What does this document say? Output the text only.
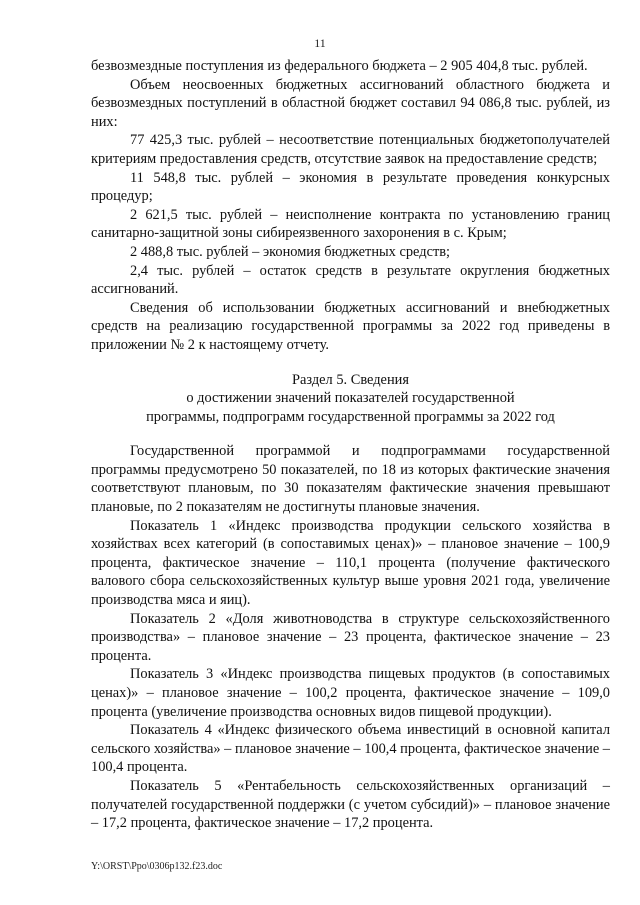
11

безвозмездные поступления из федерального бюджета – 2 905 404,8 тыс. рублей.

Объем неосвоенных бюджетных ассигнований областного бюджета и безвозмездных поступлений в областной бюджет составил 94 086,8 тыс. рублей, из них:

77 425,3 тыс. рублей – несоответствие потенциальных бюджетополучателей критериям предоставления средств, отсутствие заявок на предоставление средств;

11 548,8 тыс. рублей – экономия в результате проведения конкурсных процедур;

2 621,5 тыс. рублей – неисполнение контракта по установлению границ санитарно-защитной зоны сибиреязвенного захоронения в с. Крым;

2 488,8 тыс. рублей – экономия бюджетных средств;

2,4 тыс. рублей – остаток средств в результате округления бюджетных ассигнований.

Сведения об использовании бюджетных ассигнований и внебюджетных средств на реализацию государственной программы за 2022 год приведены в приложении № 2 к настоящему отчету.

Раздел 5. Сведения
о достижении значений показателей государственной
программы, подпрограмм государственной программы за 2022 год

Государственной программой и подпрограммами государственной программы предусмотрено 50 показателей, по 18 из которых фактические значения соответствуют плановым, по 30 показателям фактические значения превышают плановые, по 2 показателям не достигнуты плановые значения.

Показатель 1 «Индекс производства продукции сельского хозяйства в хозяйствах всех категорий (в сопоставимых ценах)» – плановое значение – 100,9 процента, фактическое значение – 110,1 процента (получение фактического валового сбора сельскохозяйственных культур выше уровня 2021 года, увеличение производства мяса и яиц).

Показатель 2 «Доля животноводства в структуре сельскохозяйственного производства» – плановое значение – 23 процента, фактическое значение – 23 процента.

Показатель 3 «Индекс производства пищевых продуктов (в сопоставимых ценах)» – плановое значение – 100,2 процента, фактическое значение – 109,0 процента (увеличение производства основных видов пищевой продукции).

Показатель 4 «Индекс физического объема инвестиций в основной капитал сельского хозяйства» – плановое значение – 100,4 процента, фактическое значение – 100,4 процента.

Показатель 5 «Рентабельность сельскохозяйственных организаций – получателей государственной поддержки (с учетом субсидий)» – плановое значение – 17,2 процента, фактическое значение – 17,2 процента.

Y:\ORST\Ppo\0306p132.f23.doc
